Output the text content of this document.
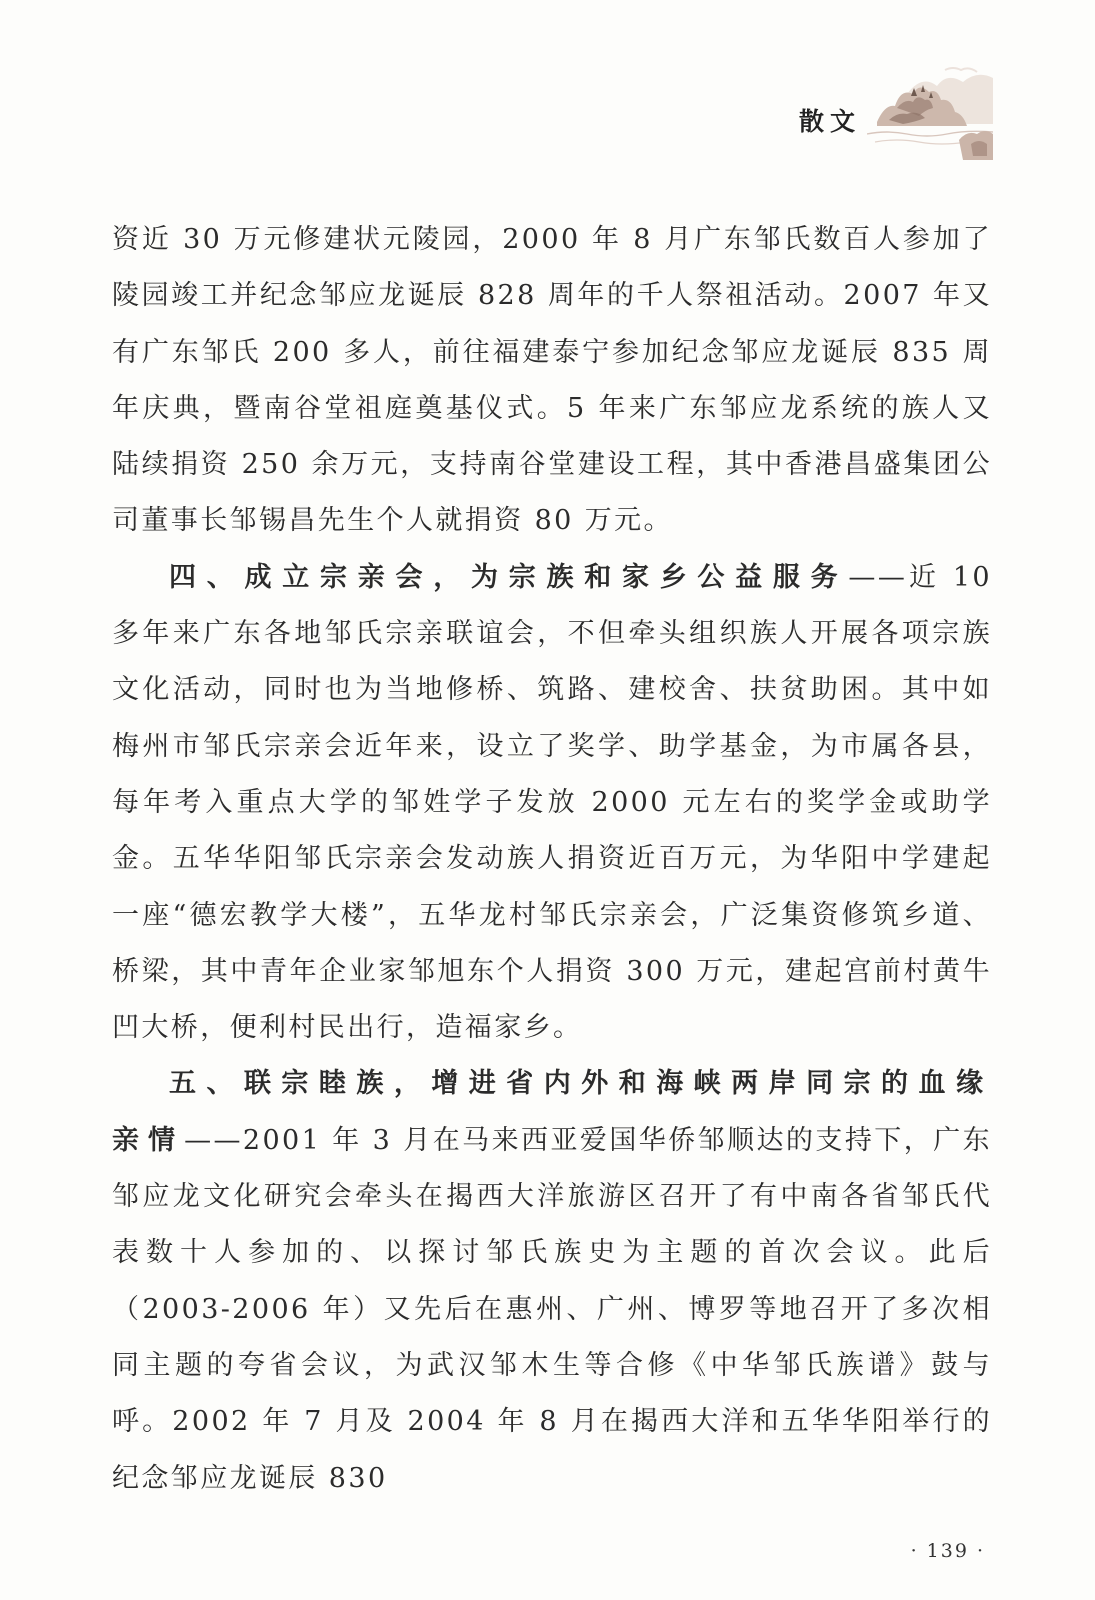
散文

资近 30 万元修建状元陵园，2000 年 8 月广东邹氏数百人参加了陵园竣工并纪念邹应龙诞辰 828 周年的千人祭祖活动。2007 年又有广东邹氏 200 多人，前往福建泰宁参加纪念邹应龙诞辰 835 周年庆典，暨南谷堂祖庭奠基仪式。5 年来广东邹应龙系统的族人又陆续捐资 250 余万元，支持南谷堂建设工程，其中香港昌盛集团公司董事长邹锡昌先生个人就捐资 80 万元。

四、成立宗亲会，为宗族和家乡公益服务——近 10 多年来广东各地邹氏宗亲联谊会，不但牵头组织族人开展各项宗族文化活动，同时也为当地修桥、筑路、建校舍、扶贫助困。其中如梅州市邹氏宗亲会近年来，设立了奖学、助学基金，为市属各县，每年考入重点大学的邹姓学子发放 2000 元左右的奖学金或助学金。五华华阳邹氏宗亲会发动族人捐资近百万元，为华阳中学建起一座“德宏教学大楼”，五华龙村邹氏宗亲会，广泛集资修筑乡道、桥梁，其中青年企业家邹旭东个人捐资 300 万元，建起宫前村黄牛凹大桥，便利村民出行，造福家乡。

五、联宗睦族，增进省内外和海峡两岸同宗的血缘亲情——2001 年 3 月在马来西亚爱国华侨邹顺达的支持下，广东邹应龙文化研究会牵头在揭西大洋旅游区召开了有中南各省邹氏代表数十人参加的、以探讨邹氏族史为主题的首次会议。此后（2003-2006 年）又先后在惠州、广州、博罗等地召开了多次相同主题的夸省会议，为武汉邹木生等合修《中华邹氏族谱》鼓与呼。2002 年 7 月及 2004 年 8 月在揭西大洋和五华华阳举行的纪念邹应龙诞辰 830

· 139 ·
